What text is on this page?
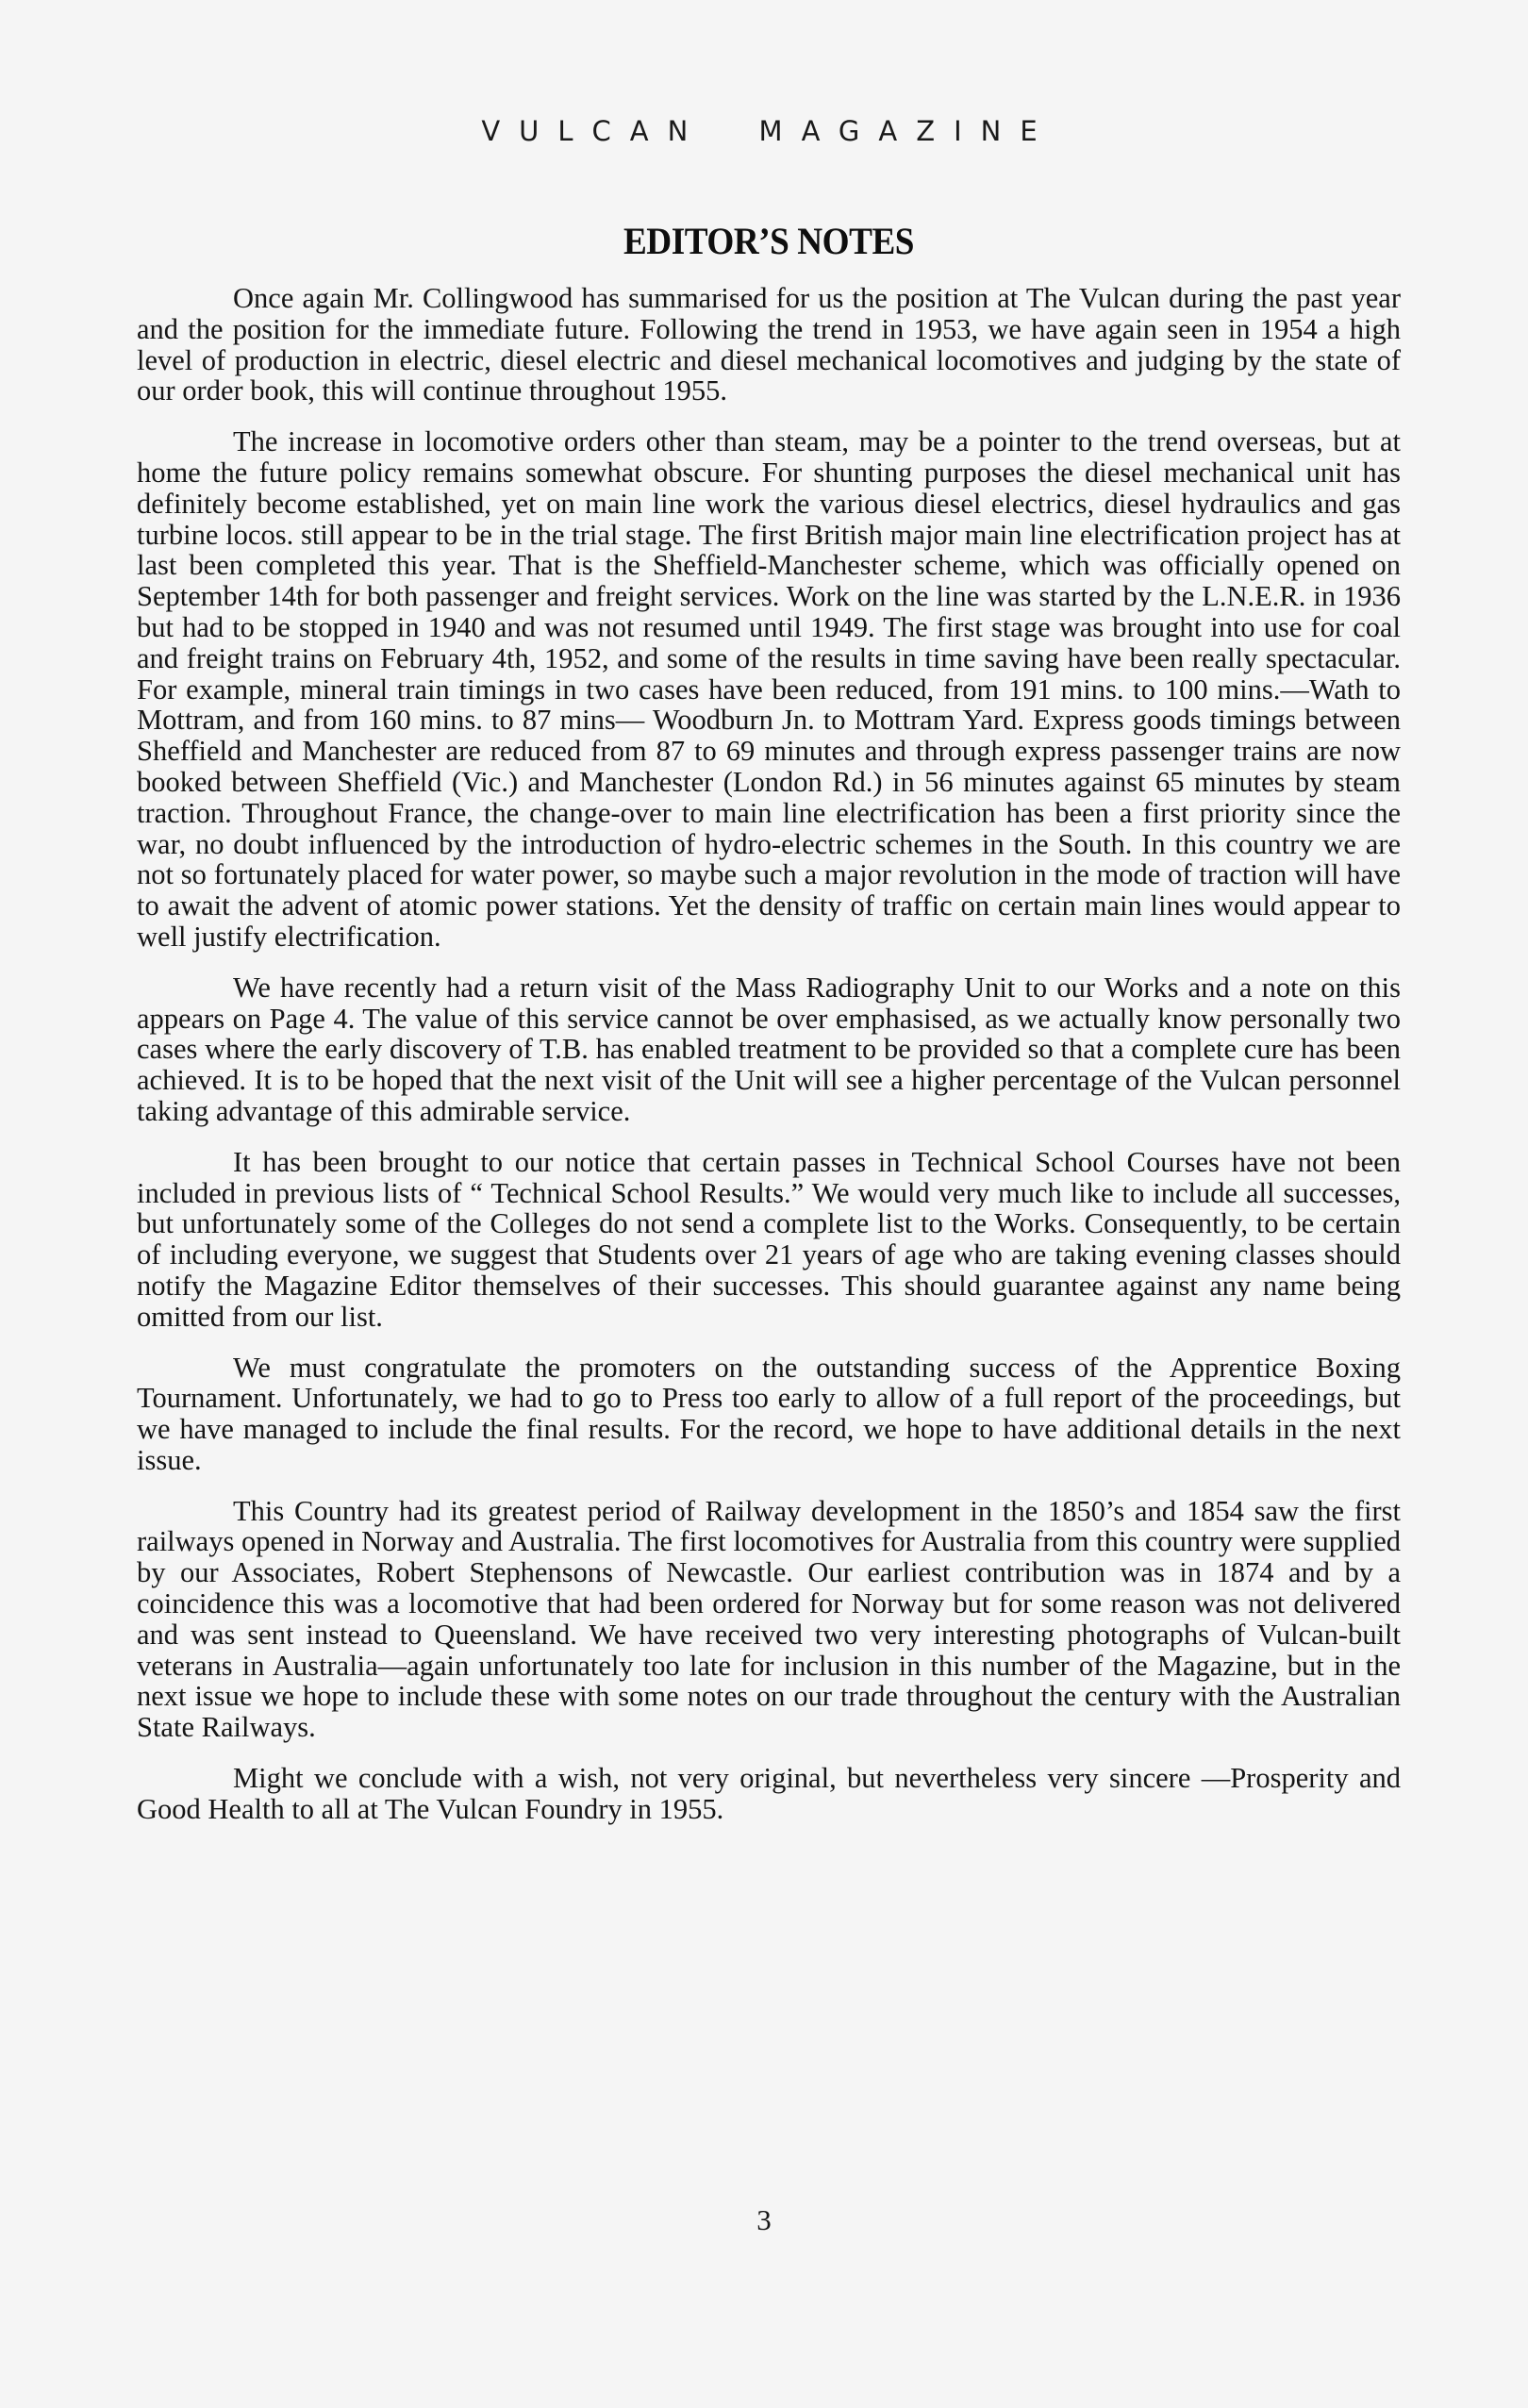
VULCAN MAGAZINE
EDITOR’S NOTES

Once again Mr. Collingwood has summarised for us the position at The Vulcan during the past year and the position for the immediate future. Following the trend in 1953, we have again seen in 1954 a high level of production in electric, diesel electric and diesel mechanical locomotives and judging by the state of our order book, this will continue throughout 1955.

The increase in locomotive orders other than steam, may be a pointer to the trend overseas, but at home the future policy remains somewhat obscure. For shunting purposes the diesel mechanical unit has definitely become established, yet on main line work the various diesel electrics, diesel hydraulics and gas turbine locos. still appear to be in the trial stage. The first British major main line electrification project has at last been completed this year. That is the Sheffield-Manchester scheme, which was officially opened on September 14th for both passenger and freight services. Work on the line was started by the L.N.E.R. in 1936 but had to be stopped in 1940 and was not resumed until 1949. The first stage was brought into use for coal and freight trains on February 4th, 1952, and some of the results in time saving have been really spectacular. For example, mineral train timings in two cases have been reduced, from 191 mins. to 100 mins.—Wath to Mottram, and from 160 mins. to 87 mins— Woodburn Jn. to Mottram Yard. Express goods timings between Sheffield and Manchester are reduced from 87 to 69 minutes and through express passenger trains are now booked between Sheffield (Vic.) and Manchester (London Rd.) in 56 minutes against 65 minutes by steam traction. Throughout France, the change-over to main line electrification has been a first priority since the war, no doubt influenced by the introduction of hydro-electric schemes in the South. In this country we are not so fortunately placed for water power, so maybe such a major revolution in the mode of traction will have to await the advent of atomic power stations. Yet the density of traffic on certain main lines would appear to well justify electrification.

We have recently had a return visit of the Mass Radiography Unit to our Works and a note on this appears on Page 4. The value of this service cannot be over emphasised, as we actually know personally two cases where the early discovery of T.B. has enabled treatment to be provided so that a complete cure has been achieved. It is to be hoped that the next visit of the Unit will see a higher percentage of the Vulcan personnel taking advantage of this admirable service.

It has been brought to our notice that certain passes in Technical School Courses have not been included in previous lists of “ Technical School Results.” We would very much like to include all successes, but unfortunately some of the Colleges do not send a complete list to the Works. Consequently, to be certain of including everyone, we suggest that Students over 21 years of age who are taking evening classes should notify the Magazine Editor themselves of their successes. This should guarantee against any name being omitted from our list.

We must congratulate the promoters on the outstanding success of the Apprentice Boxing Tournament. Unfortunately, we had to go to Press too early to allow of a full report of the proceedings, but we have managed to include the final results. For the record, we hope to have additional details in the next issue.

This Country had its greatest period of Railway development in the 1850’s and 1854 saw the first railways opened in Norway and Australia. The first locomotives for Australia from this country were supplied by our Associates, Robert Stephensons of Newcastle. Our earliest contribution was in 1874 and by a coincidence this was a locomotive that had been ordered for Norway but for some reason was not delivered and was sent instead to Queensland. We have received two very interesting photographs of Vulcan-built veterans in Australia—again unfortunately too late for inclusion in this number of the Magazine, but in the next issue we hope to include these with some notes on our trade throughout the century with the Australian State Railways.

Might we conclude with a wish, not very original, but nevertheless very sincere —Prosperity and Good Health to all at The Vulcan Foundry in 1955.

3
